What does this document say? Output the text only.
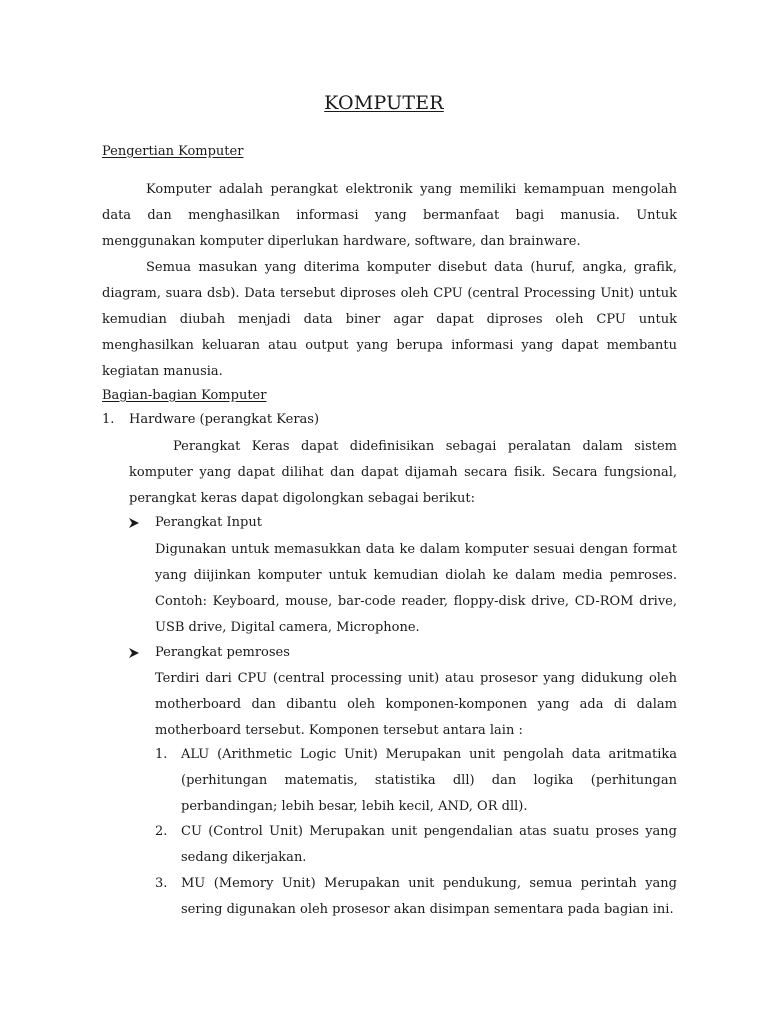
KOMPUTER
Pengertian Komputer
Komputer adalah perangkat elektronik yang memiliki kemampuan mengolah data dan menghasilkan informasi yang bermanfaat bagi manusia. Untuk menggunakan komputer diperlukan hardware, software, dan brainware.
Semua masukan yang diterima komputer disebut data (huruf, angka, grafik, diagram, suara dsb). Data tersebut diproses oleh CPU (central Processing Unit) untuk kemudian diubah menjadi data biner agar dapat diproses oleh CPU untuk menghasilkan keluaran atau output yang berupa informasi yang dapat membantu kegiatan manusia.
Bagian-bagian Komputer
1. Hardware (perangkat Keras)
Perangkat Keras dapat didefinisikan sebagai peralatan dalam sistem komputer yang dapat dilihat dan dapat dijamah secara fisik. Secara fungsional, perangkat keras dapat digolongkan sebagai berikut:
Perangkat Input
Digunakan untuk memasukkan data ke dalam komputer sesuai dengan format yang diijinkan komputer untuk kemudian diolah ke dalam media pemroses. Contoh: Keyboard, mouse, bar-code reader, floppy-disk drive, CD-ROM drive, USB drive, Digital camera, Microphone.
Perangkat pemroses
Terdiri dari CPU (central processing unit) atau prosesor yang didukung oleh motherboard dan dibantu oleh komponen-komponen yang ada di dalam motherboard tersebut. Komponen tersebut antara lain :
1. ALU (Arithmetic Logic Unit) Merupakan unit pengolah data aritmatika (perhitungan matematis, statistika dll) dan logika (perhitungan perbandingan; lebih besar, lebih kecil, AND, OR dll).
2. CU (Control Unit) Merupakan unit pengendalian atas suatu proses yang sedang dikerjakan.
3. MU (Memory Unit) Merupakan unit pendukung, semua perintah yang sering digunakan oleh prosesor akan disimpan sementara pada bagian ini.
